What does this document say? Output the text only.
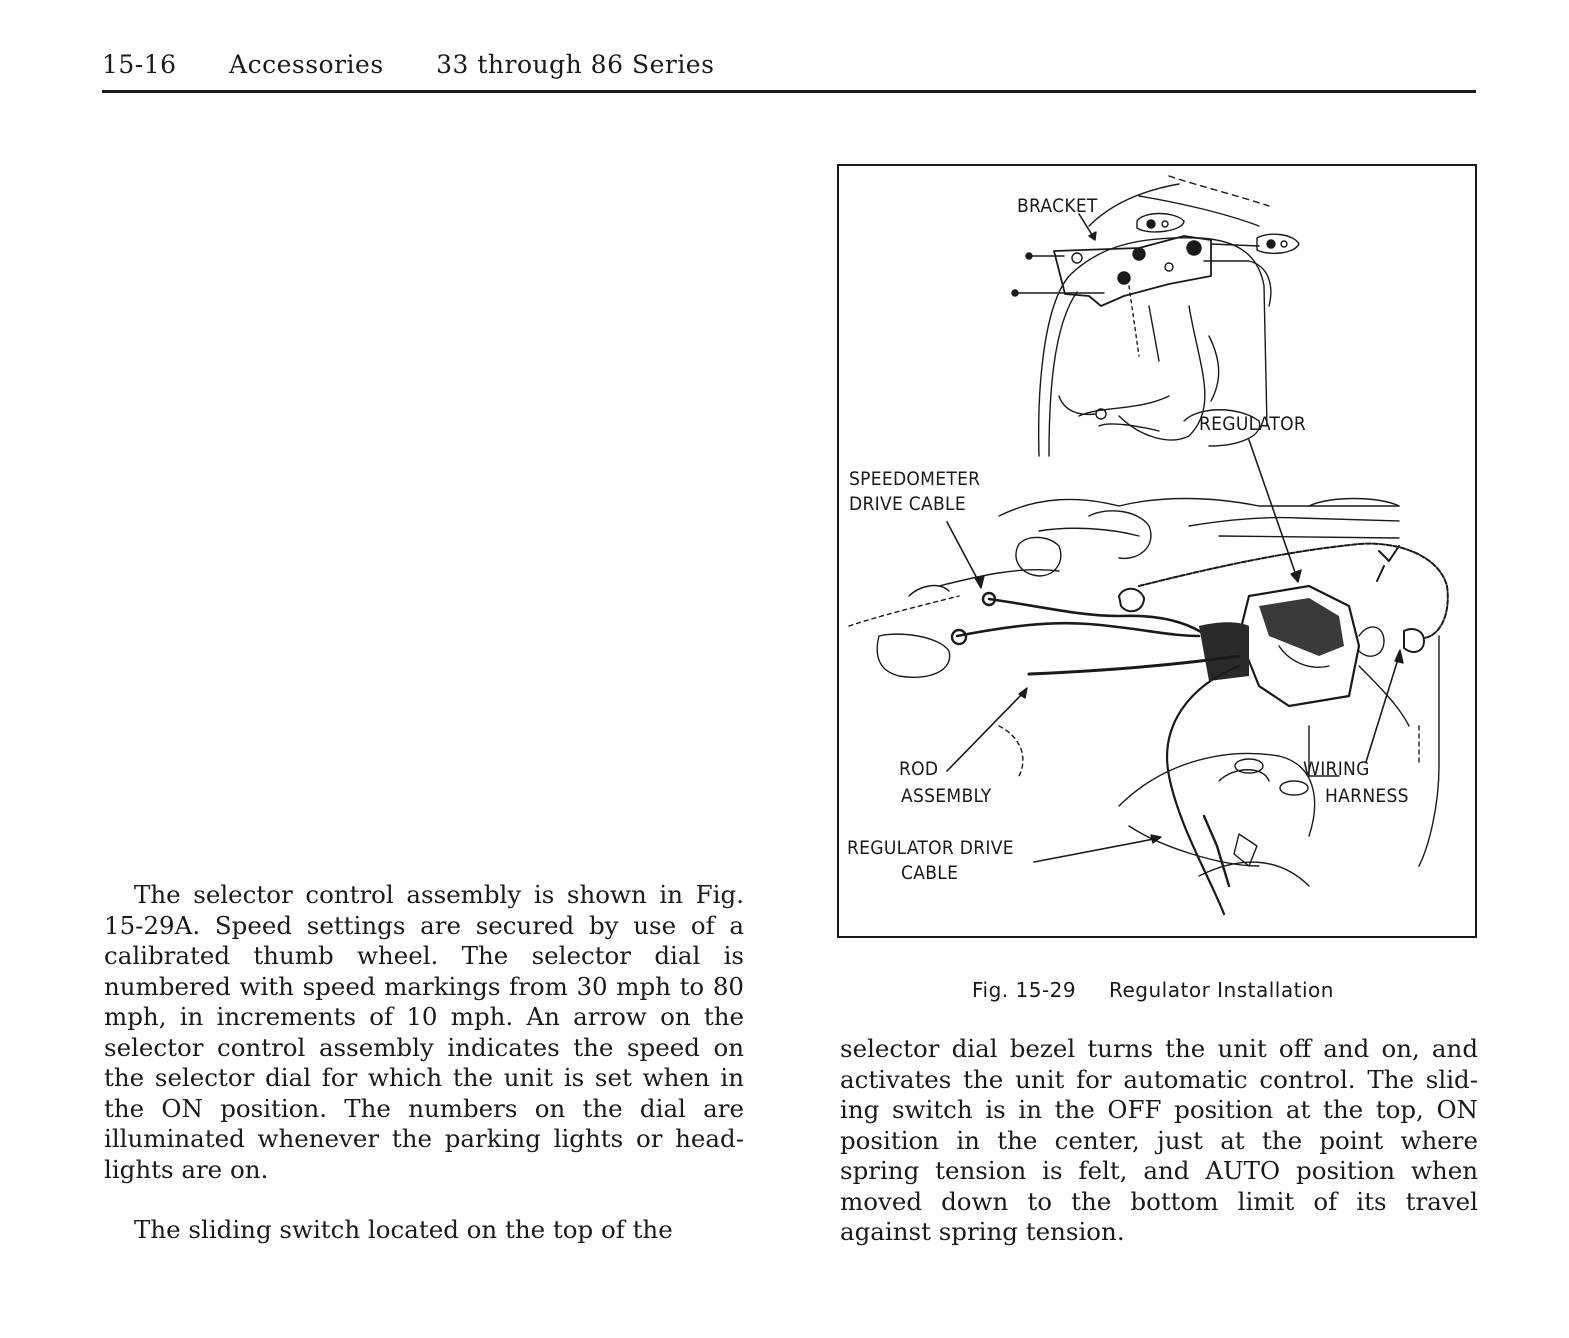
15-16 Accessories 33 through 86 Series
BRACKET
REGULATOR
SPEEDOMETER
DRIVE CABLE
ROD
ASSEMBLY
WIRING
HARNESS
REGULATOR DRIVE
CABLE
Fig. 15-29 Regulator Installation

The selector control assembly is shown in Fig. 15-29A. Speed settings are secured by use of a calibrated thumb wheel. The selector dial is numbered with speed markings from 30 mph to 80 mph, in increments of 10 mph. An arrow on the selector control assembly indicates the speed on the selector dial for which the unit is set when in the ON position. The numbers on the dial are illuminated whenever the parking lights or head-lights are on.

The sliding switch located on the top of the

selector dial bezel turns the unit off and on, and activates the unit for automatic control. The slid-ing switch is in the OFF position at the top, ON position in the center, just at the point where spring tension is felt, and AUTO position when moved down to the bottom limit of its travel against spring tension.
